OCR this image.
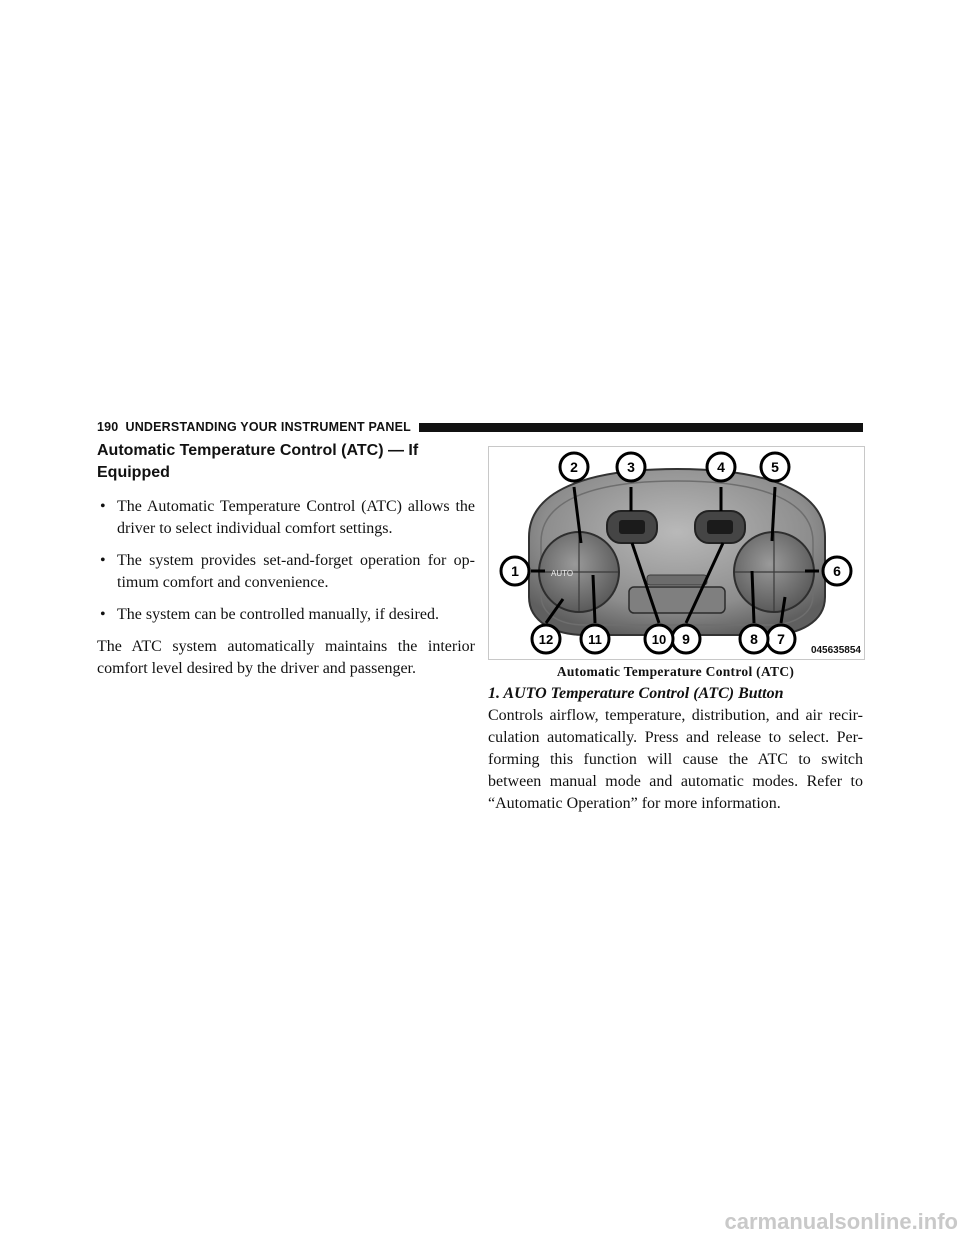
190 UNDERSTANDING YOUR INSTRUMENT PANEL
Automatic Temperature Control (ATC) — If Equipped
• The Automatic Temperature Control (ATC) allows the driver to select individual comfort settings.
• The system provides set-and-forget operation for op-timum comfort and convenience.
• The system can be controlled manually, if desired.

The ATC system automatically maintains the interior comfort level desired by the driver and passenger.

AUTO
1
2	3	4	5
6
7
8
9
10
11
12
045635854
Automatic Temperature Control (ATC)

1. AUTO Temperature Control (ATC) Button

Controls airflow, temperature, distribution, and air recir-culation automatically. Press and release to select. Per-forming this function will cause the ATC to switch between manual mode and automatic modes. Refer to “Automatic Operation” for more information.

carmanualsonline.info
